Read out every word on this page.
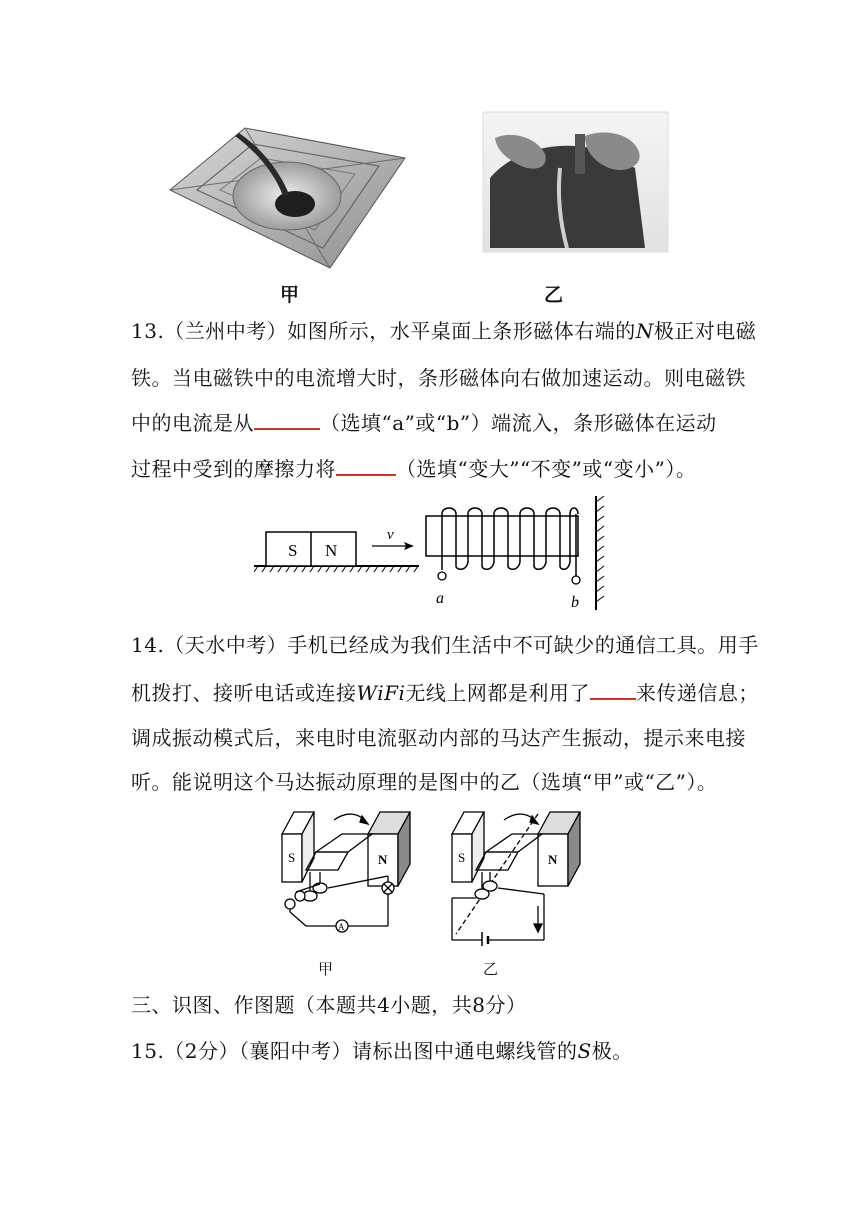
甲	乙
13.（兰州中考）如图所示，水平桌面上条形磁体右端的N极正对电磁
铁。当电磁铁中的电流增大时，条形磁体向右做加速运动。则电磁铁
中的电流是从	（选填“a”或“b”）端流入，条形磁体在运动
过程中受到的摩擦力将	（选填“变大”“不变”或“变小”）。
S N
v
a	b
14.（天水中考）手机已经成为我们生活中不可缺少的通信工具。用手
机拨打、接听电话或连接WiFi无线上网都是利用了 来传递信息；
调成振动模式后，来电时电流驱动内部的马达产生振动，提示来电接
听。能说明这个马达振动原理的是图中的乙（选填“甲”或“乙”）。
S	N
A
S	N
甲	乙
三、识图、作图题（本题共4小题，共8分）
15.（2分）（襄阳中考）请标出图中通电螺线管的S极。
